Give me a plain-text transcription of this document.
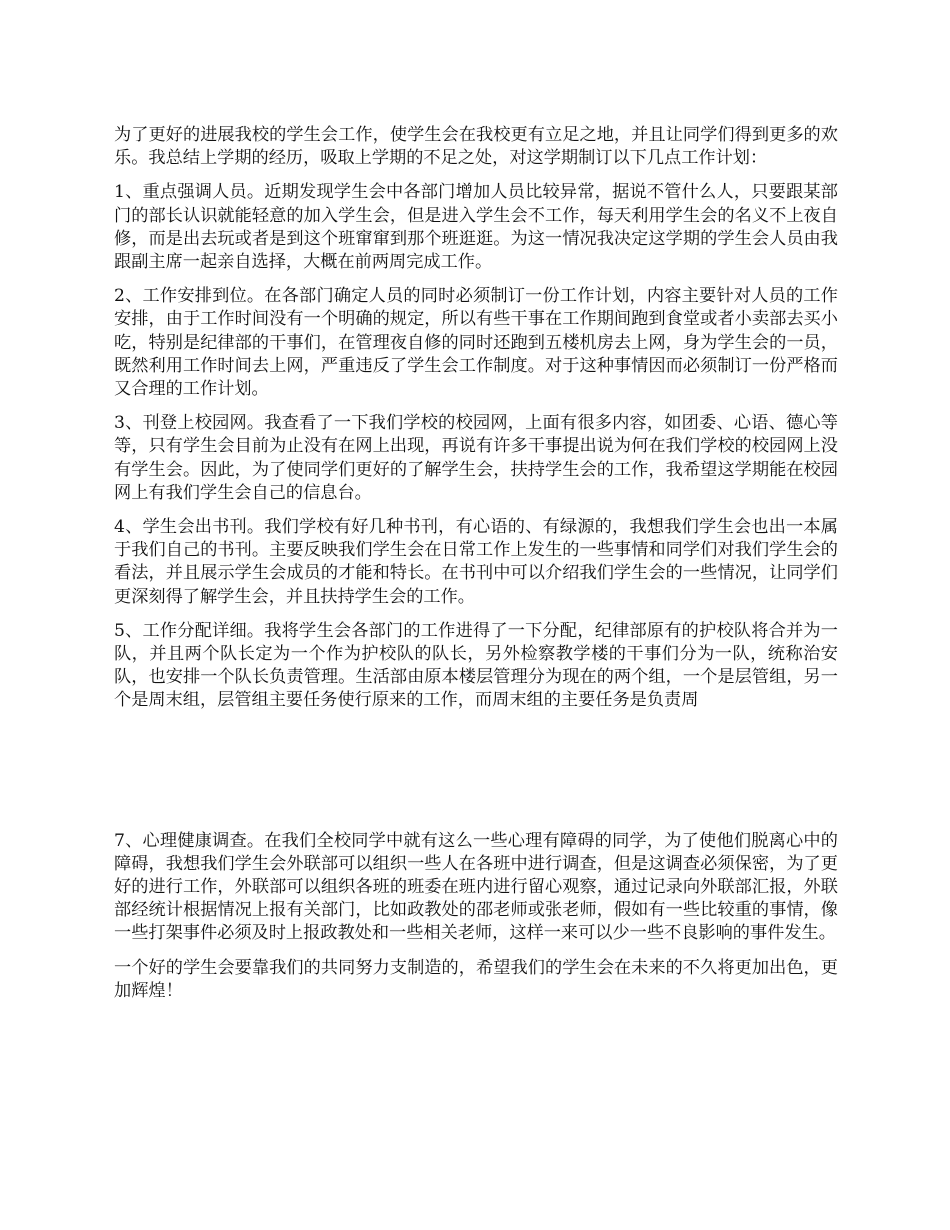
为了更好的进展我校的学生会工作，使学生会在我校更有立足之地，并且让同学们得到更多的欢乐。我总结上学期的经历，吸取上学期的不足之处，对这学期制订以下几点工作计划：

1、重点强调人员。近期发现学生会中各部门增加人员比较异常，据说不管什么人，只要跟某部门的部长认识就能轻意的加入学生会，但是进入学生会不工作，每天利用学生会的名义不上夜自修，而是出去玩或者是到这个班窜窜到那个班逛逛。为这一情况我决定这学期的学生会人员由我跟副主席一起亲自选择，大概在前两周完成工作。

2、工作安排到位。在各部门确定人员的同时必须制订一份工作计划，内容主要针对人员的工作安排，由于工作时间没有一个明确的规定，所以有些干事在工作期间跑到食堂或者小卖部去买小吃，特别是纪律部的干事们，在管理夜自修的同时还跑到五楼机房去上网，身为学生会的一员，既然利用工作时间去上网，严重违反了学生会工作制度。对于这种事情因而必须制订一份严格而又合理的工作计划。

3、刊登上校园网。我查看了一下我们学校的校园网，上面有很多内容，如团委、心语、德心等等，只有学生会目前为止没有在网上出现，再说有许多干事提出说为何在我们学校的校园网上没有学生会。因此，为了使同学们更好的了解学生会，扶持学生会的工作，我希望这学期能在校园网上有我们学生会自己的信息台。

4、学生会出书刊。我们学校有好几种书刊，有心语的、有绿源的，我想我们学生会也出一本属于我们自己的书刊。主要反映我们学生会在日常工作上发生的一些事情和同学们对我们学生会的看法，并且展示学生会成员的才能和特长。在书刊中可以介绍我们学生会的一些情况，让同学们更深刻得了解学生会，并且扶持学生会的工作。

5、工作分配详细。我将学生会各部门的工作进得了一下分配，纪律部原有的护校队将合并为一队，并且两个队长定为一个作为护校队的队长，另外检察教学楼的干事们分为一队，统称治安队，也安排一个队长负责管理。生活部由原本楼层管理分为现在的两个组，一个是层管组，另一个是周末组，层管组主要任务使行原来的工作，而周末组的主要任务是负责周

7、心理健康调查。在我们全校同学中就有这么一些心理有障碍的同学，为了使他们脱离心中的障碍，我想我们学生会外联部可以组织一些人在各班中进行调查，但是这调查必须保密，为了更好的进行工作，外联部可以组织各班的班委在班内进行留心观察，通过记录向外联部汇报，外联部经统计根据情况上报有关部门，比如政教处的邵老师或张老师，假如有一些比较重的事情，像一些打架事件必须及时上报政教处和一些相关老师，这样一来可以少一些不良影响的事件发生。

一个好的学生会要靠我们的共同努力支制造的，希望我们的学生会在未来的不久将更加出色，更加辉煌！
